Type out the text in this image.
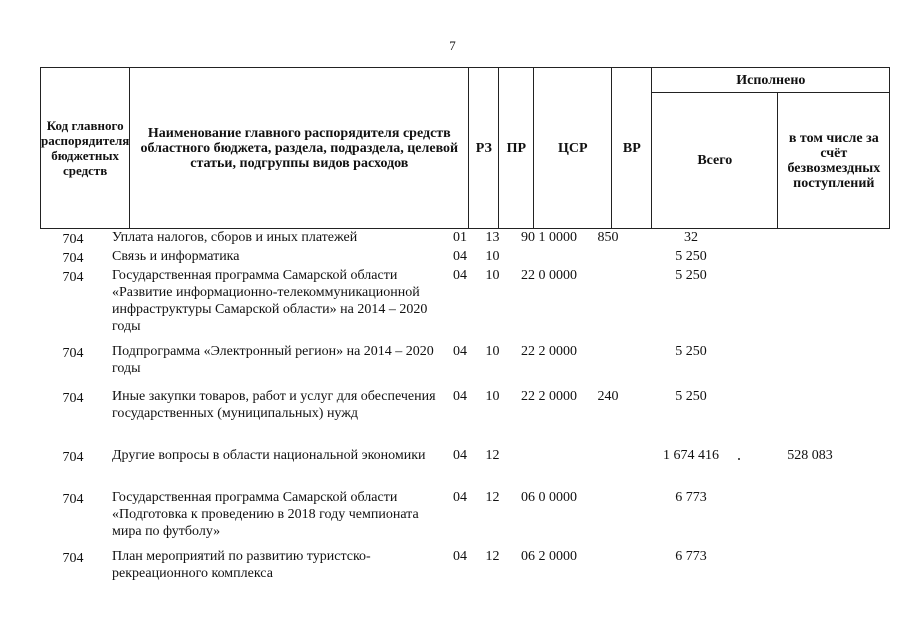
7
Код главного распорядителя бюджетных средств	Наименование главного распорядителя средств областного бюджета, раздела, подраздела, целевой статьи, подгруппы видов расходов	РЗ	ПР	ЦСР	ВР	Исполнено	
						Всего	в том числе за счёт безвозмездных поступлений
704	Уплата налогов, сборов и иных платежей	01	13	90 1 0000	850	32	
704	Связь и информатика	04	10			5 250	
704	Государственная программа Самарской области «Развитие информационно-телекоммуникационной инфраструктуры Самарской области» на 2014 – 2020 годы	04	10	22 0 0000		5 250	
704	Подпрограмма «Электронный регион» на 2014 – 2020 годы	04	10	22 2 0000		5 250	
704	Иные закупки товаров, работ и услуг для обеспечения государственных (муниципальных) нужд	04	10	22 2 0000	240	5 250	
704	Другие вопросы в области национальной экономики	04	12			1 674 416	528 083
704	Государственная программа Самарской области «Подготовка к проведению в 2018 году чемпионата мира по футболу»	04	12	06 0 0000		6 773	
704	План мероприятий по развитию туристско-рекреационного комплекса	04	12	06 2 0000		6 773	
